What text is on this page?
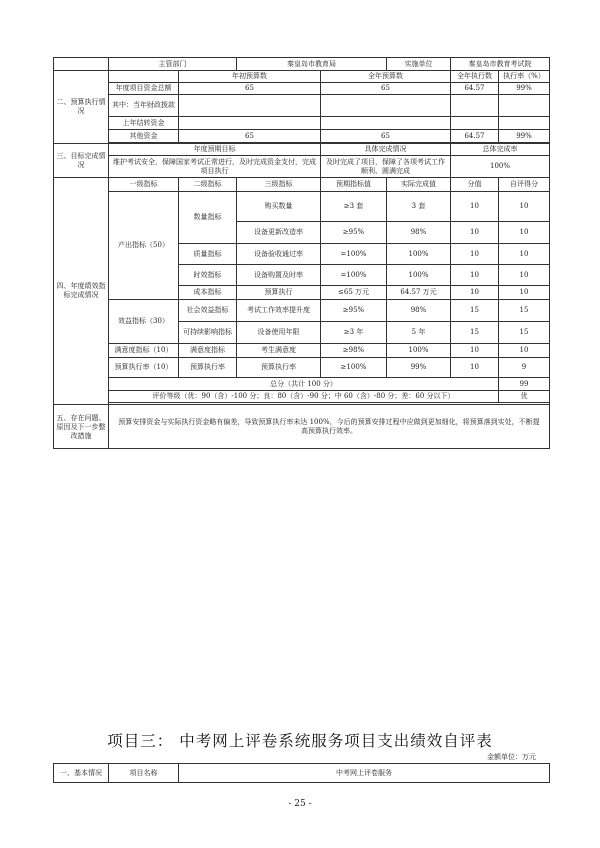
	主管部门		秦皇岛市教育局		实施单位	秦皇岛市教育考试院	
二、预算执行情况		年初预算数		全年预算数		全年执行数	执行率（%）
	年度项目资金总额	65		65		64.57	99%
	其中：当年财政拨款						
	上年结转资金						
	其他资金	65		65		64.57	99%

三、目标完成情况	年度预期目标			具体完成情况		总体完成率	
	维护考试安全，保障国家考试正常进行，及时完成资金支付，完成项目执行			及时完成了项目，保障了各项考试工作顺利、圆满完成		100%	
四、年度绩效指标完成情况	一级指标	二级指标	三级指标	预期指标值	实际完成值	分值	自评得分
	产出指标（50）	数量指标	购买数量	≥3 套	3 套	10	10
			设备更新改造率	≥95%	98%	10	10
		质量指标	设备验收通过率	=100%	100%	10	10
		时效指标	设备购置及时率	=100%	100%	10	10
		成本指标	预算执行	≤65 万元	64.57 万元	10	10
	效益指标（30）	社会效益指标	考试工作效率提升度	≥95%	98%	15	15
		可持续影响指标	设备使用年限	≥3 年	5 年	15	15
	满意度指标（10）	满意度指标	考生满意度	≥98%	100%	10	10
	预算执行率（10）	预算执行率	预算执行率	≥100%	99%	10	9
	总分（共计 100 分）						99
	评价等级（优：90（含）-100 分；良：80（含）-90 分；中 60（含）-80 分；差：60 分以下）						优

五、存在问题、原因及下一步整改措施	预算安排资金与实际执行资金略有偏差，导致预算执行率未达 100%，今后的预算安排过程中应做到更加细化，将预算落到实处，不断提高预算执行效率。						
项目三： 中考网上评卷系统服务项目支出绩效自评表
金额单位：万元
一、基本情况	项目名称	中考网上评卷服务
- 25 -
